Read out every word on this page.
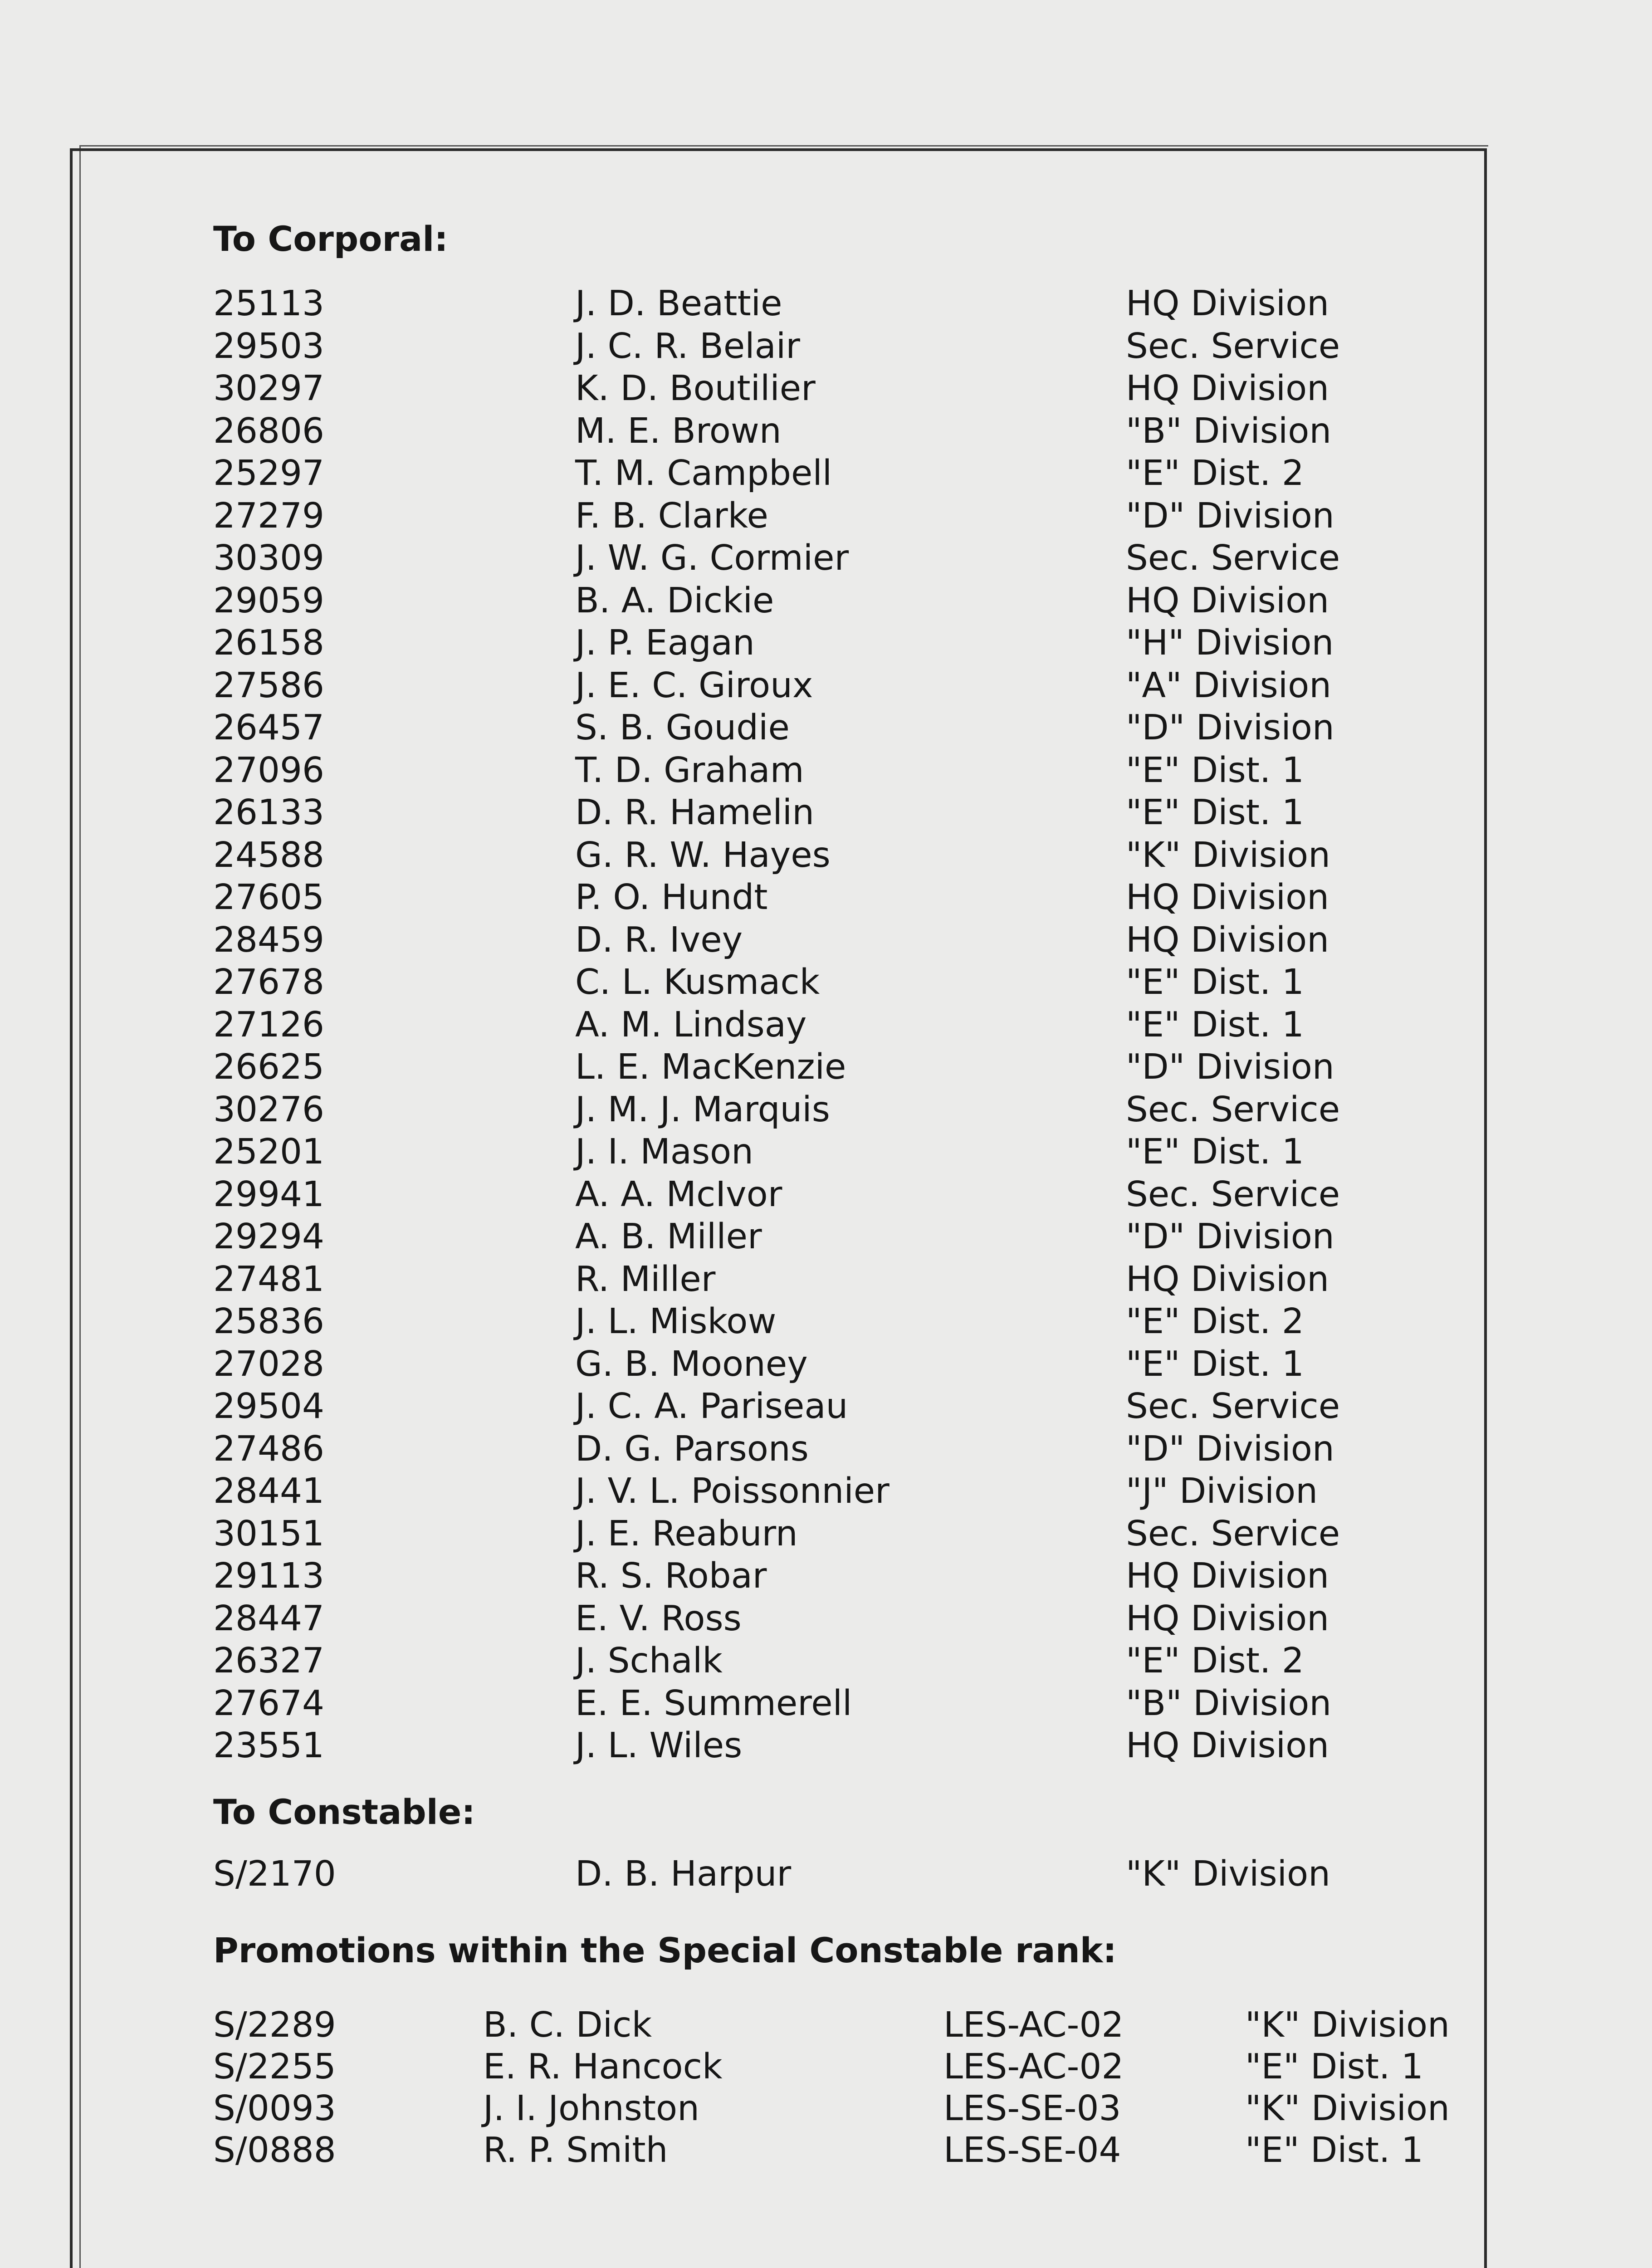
To Corporal:
25113	J. D. Beattie	HQ Division
29503	J. C. R. Belair	Sec. Service
30297	K. D. Boutilier	HQ Division
26806	M. E. Brown	"B" Division
25297	T. M. Campbell	"E" Dist. 2
27279	F. B. Clarke	"D" Division
30309	J. W. G. Cormier	Sec. Service
29059	B. A. Dickie	HQ Division
26158	J. P. Eagan	"H" Division
27586	J. E. C. Giroux	"A" Division
26457	S. B. Goudie	"D" Division
27096	T. D. Graham	"E" Dist. 1
26133	D. R. Hamelin	"E" Dist. 1
24588	G. R. W. Hayes	"K" Division
27605	P. O. Hundt	HQ Division
28459	D. R. Ivey	HQ Division
27678	C. L. Kusmack	"E" Dist. 1
27126	A. M. Lindsay	"E" Dist. 1
26625	L. E. MacKenzie	"D" Division
30276	J. M. J. Marquis	Sec. Service
25201	J. I. Mason	"E" Dist. 1
29941	A. A. McIvor	Sec. Service
29294	A. B. Miller	"D" Division
27481	R. Miller	HQ Division
25836	J. L. Miskow	"E" Dist. 2
27028	G. B. Mooney	"E" Dist. 1
29504	J. C. A. Pariseau	Sec. Service
27486	D. G. Parsons	"D" Division
28441	J. V. L. Poissonnier	"J" Division
30151	J. E. Reaburn	Sec. Service
29113	R. S. Robar	HQ Division
28447	E. V. Ross	HQ Division
26327	J. Schalk	"E" Dist. 2
27674	E. E. Summerell	"B" Division
23551	J. L. Wiles	HQ Division
To Constable:
S/2170	D. B. Harpur	"K" Division
Promotions within the Special Constable rank:
S/2289	B. C. Dick	LES-AC-02	"K" Division
S/2255	E. R. Hancock	LES-AC-02	"E" Dist. 1
S/0093	J. I. Johnston	LES-SE-03	"K" Division
S/0888	R. P. Smith	LES-SE-04	"E" Dist. 1
